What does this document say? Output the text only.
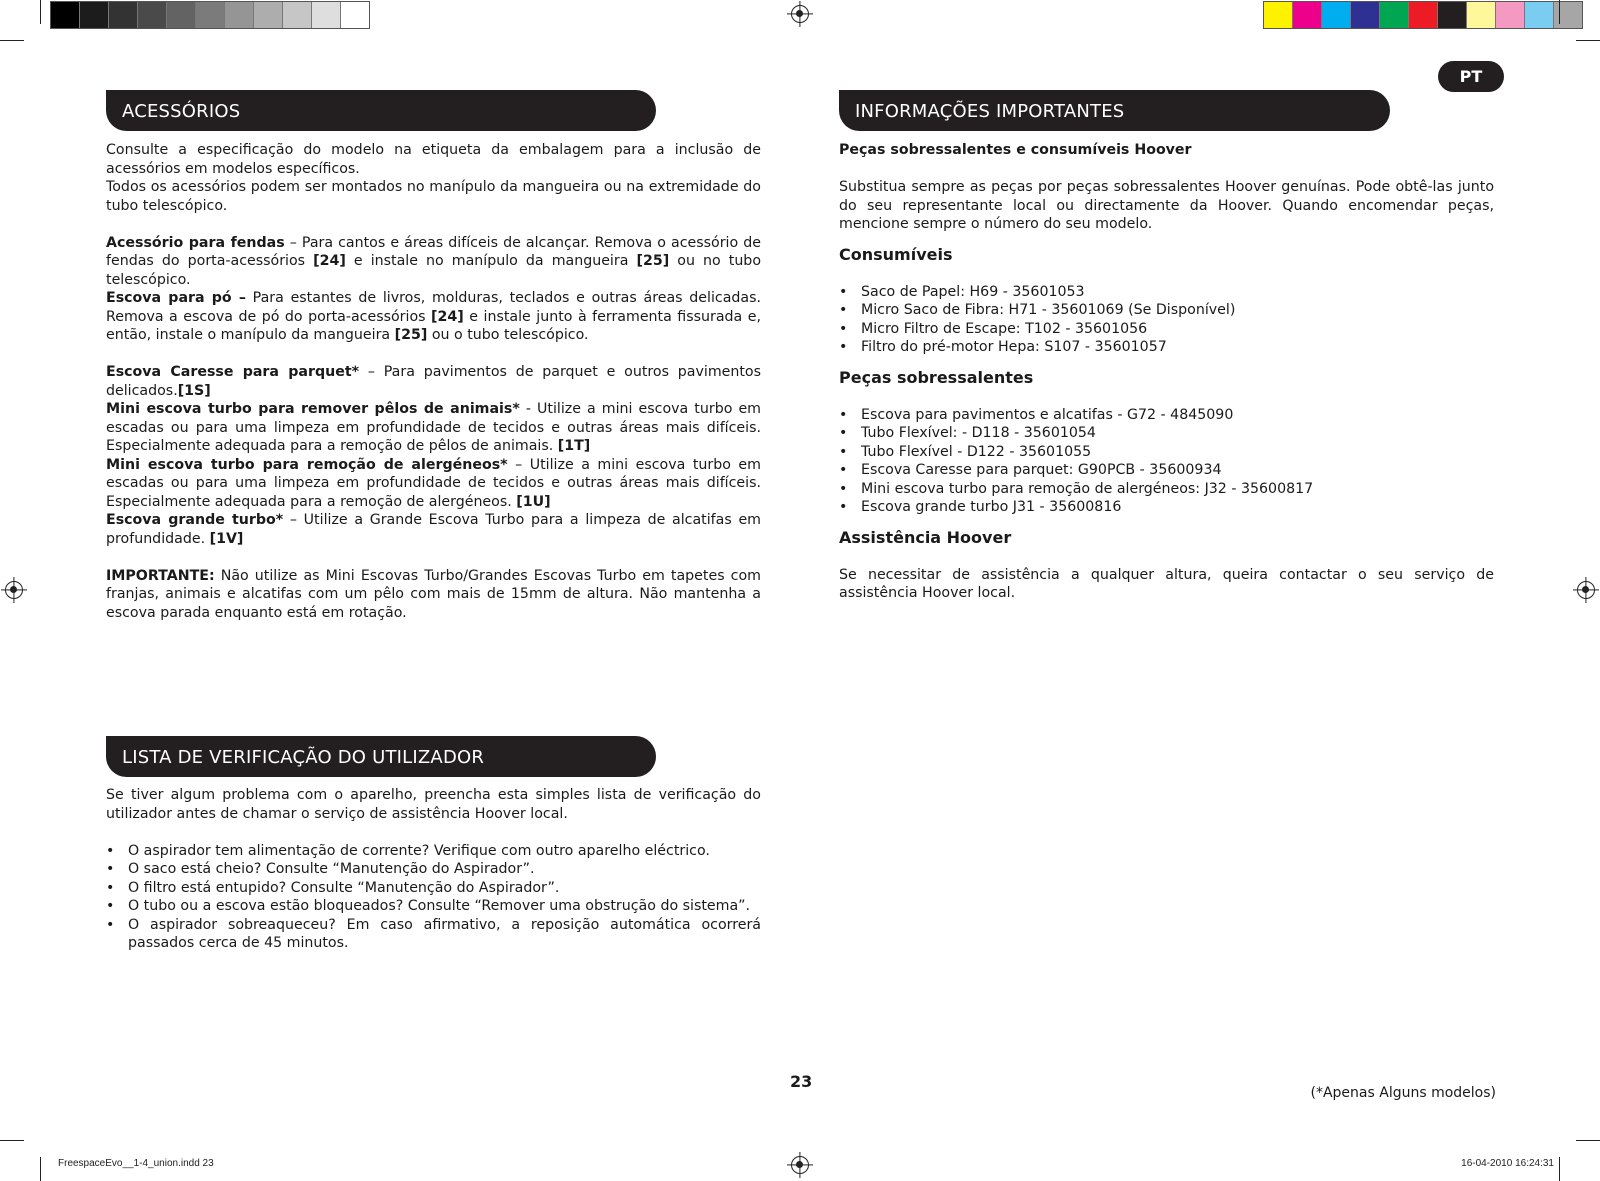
PT
ACESSÓRIOS

Consulte a especificação do modelo na etiqueta da embalagem para a inclusão de acessórios em modelos específicos.

Todos os acessórios podem ser montados no manípulo da mangueira ou na extremidade do tubo telescópico.

Acessório para fendas – Para cantos e áreas difíceis de alcançar. Remova o acessório de fendas do porta-acessórios [24] e instale no manípulo da mangueira [25] ou no tubo telescópico.

Escova para pó – Para estantes de livros, molduras, teclados e outras áreas delicadas. Remova a escova de pó do porta-acessórios [24] e instale junto à ferramenta fissurada e, então, instale o manípulo da mangueira [25] ou o tubo telescópico.

Escova Caresse para parquet* – Para pavimentos de parquet e outros pavimentos delicados.[1S]

Mini escova turbo para remover pêlos de animais* - Utilize a mini escova turbo em escadas ou para uma limpeza em profundidade de tecidos e outras áreas mais difíceis. Especialmente adequada para a remoção de pêlos de animais. [1T]

Mini escova turbo para remoção de alergéneos* – Utilize a mini escova turbo em escadas ou para uma limpeza em profundidade de tecidos e outras áreas mais difíceis. Especialmente adequada para a remoção de alergéneos. [1U]

Escova grande turbo* – Utilize a Grande Escova Turbo para a limpeza de alcatifas em profundidade. [1V]

IMPORTANTE: Não utilize as Mini Escovas Turbo/Grandes Escovas Turbo em tapetes com franjas, animais e alcatifas com um pêlo com mais de 15mm de altura. Não mantenha a escova parada enquanto está em rotação.

LISTA DE VERIFICAÇÃO DO UTILIZADOR

Se tiver algum problema com o aparelho, preencha esta simples lista de verificação do utilizador antes de chamar o serviço de assistência Hoover local.

• O aspirador tem alimentação de corrente? Verifique com outro aparelho eléctrico.
• O saco está cheio? Consulte “Manutenção do Aspirador”.
• O filtro está entupido? Consulte “Manutenção do Aspirador”.
• O tubo ou a escova estão bloqueados? Consulte “Remover uma obstrução do sistema”.
• O aspirador sobreaqueceu? Em caso afirmativo, a reposição automática ocorrerá passados cerca de 45 minutos.
INFORMAÇÕES IMPORTANTES

Peças sobressalentes e consumíveis Hoover

Substitua sempre as peças por peças sobressalentes Hoover genuínas. Pode obtê-las junto do seu representante local ou directamente da Hoover. Quando encomendar peças, mencione sempre o número do seu modelo.

Consumíveis

• Saco de Papel: H69 - 35601053
• Micro Saco de Fibra: H71 - 35601069 (Se Disponível)
• Micro Filtro de Escape: T102 - 35601056
• Filtro do pré-motor Hepa: S107 - 35601057

Peças sobressalentes

• Escova para pavimentos e alcatifas - G72 - 4845090
• Tubo Flexível: - D118 - 35601054
• Tubo Flexível - D122 - 35601055
• Escova Caresse para parquet: G90PCB - 35600934
• Mini escova turbo para remoção de alergéneos: J32 - 35600817
• Escova grande turbo J31 - 35600816

Assistência Hoover

Se necessitar de assistência a qualquer altura, queira contactar o seu serviço de assistência Hoover local.

23
(*Apenas Alguns modelos)
FreespaceEvo__1-4_union.indd 23	16-04-2010 16:24:31
